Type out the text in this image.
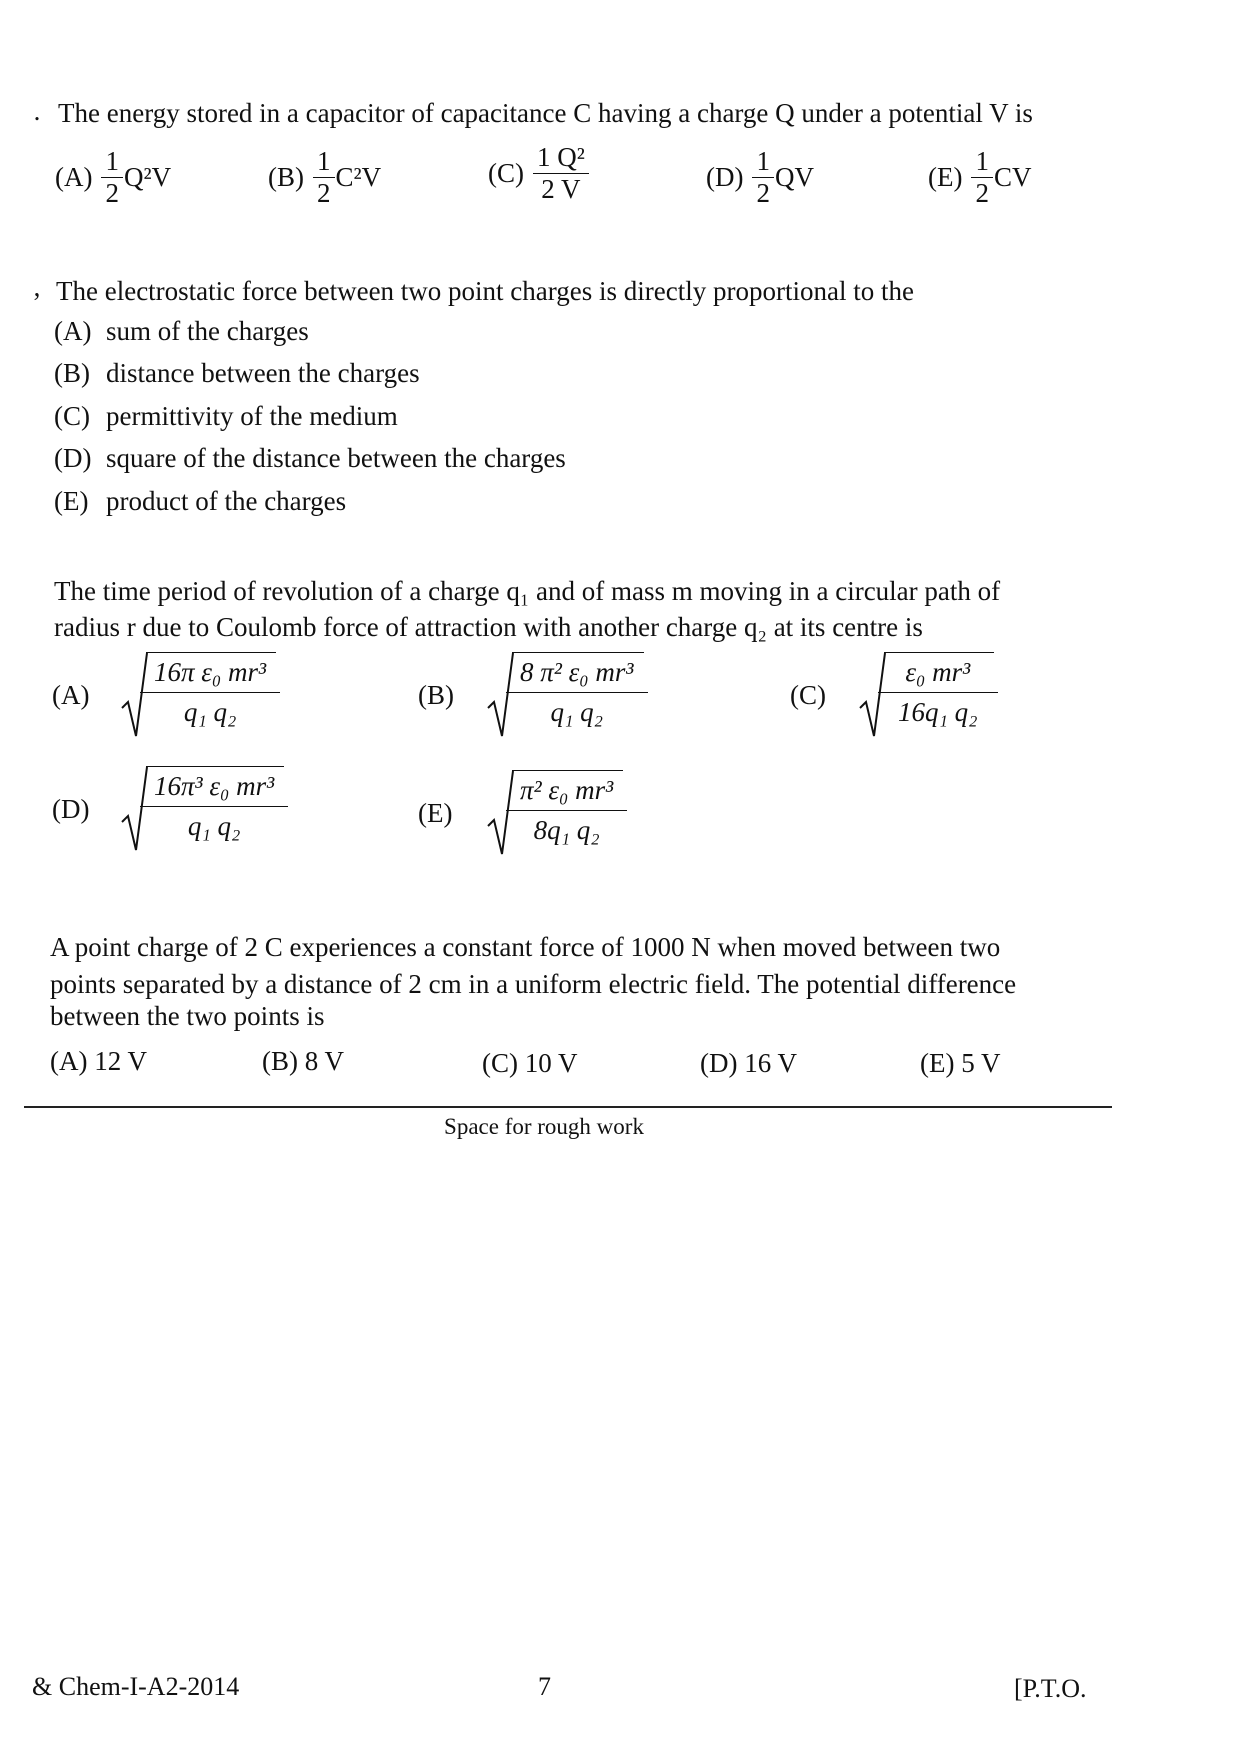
. The energy stored in a capacitor of capacitance C having a charge Q under a potential V is
$(A) \frac{1}{2} Q^2V$	$(B) \frac{1}{2} C^2V$	$(C) \frac{\text{1 Q²}}{2 V}$	$(D) \frac{1}{2}$ QV	$(E) \frac{1}{2}$ CV
, The electrostatic force between two point charges is directly proportional to the
(A) sum of the charges
(B) distance between the charges
(C) permittivity of the medium
(D) square of the distance between the charges
(E) product of the charges
The time period of revolution of a charge q₁ and of mass m moving in a circular path of
radius r due to Coulomb force of attraction with another charge q₂ at its centre is
(A)	$\frac{\text{16π ε₀ mr³}}{\text{q₁ q₂}}$	(B)	$\frac{\text{8 π² ε₀ mr³}}{\text{q₁ q₂}}$	(C)	$\frac{\text{ε₀ mr³}}{\text{16q₁ q₂}}$
(D)	$\frac{\text{16π³ ε₀ mr³}}{\text{q₁ q₂}}$	(E)	$\frac{\text{π² ε₀ mr³}}{\text{8q₁ q₂}}$
A point charge of 2 C experiences a constant force of 1000 N when moved between two
points separated by a distance of 2 cm in a uniform electric field. The potential difference
between the two points is
(A) 12 V	(B) 8 V	(C) 10 V	(D) 16 V	(E) 5 V
Space for rough work
& Chem-I-A2-2014	7	[P.T.O.
